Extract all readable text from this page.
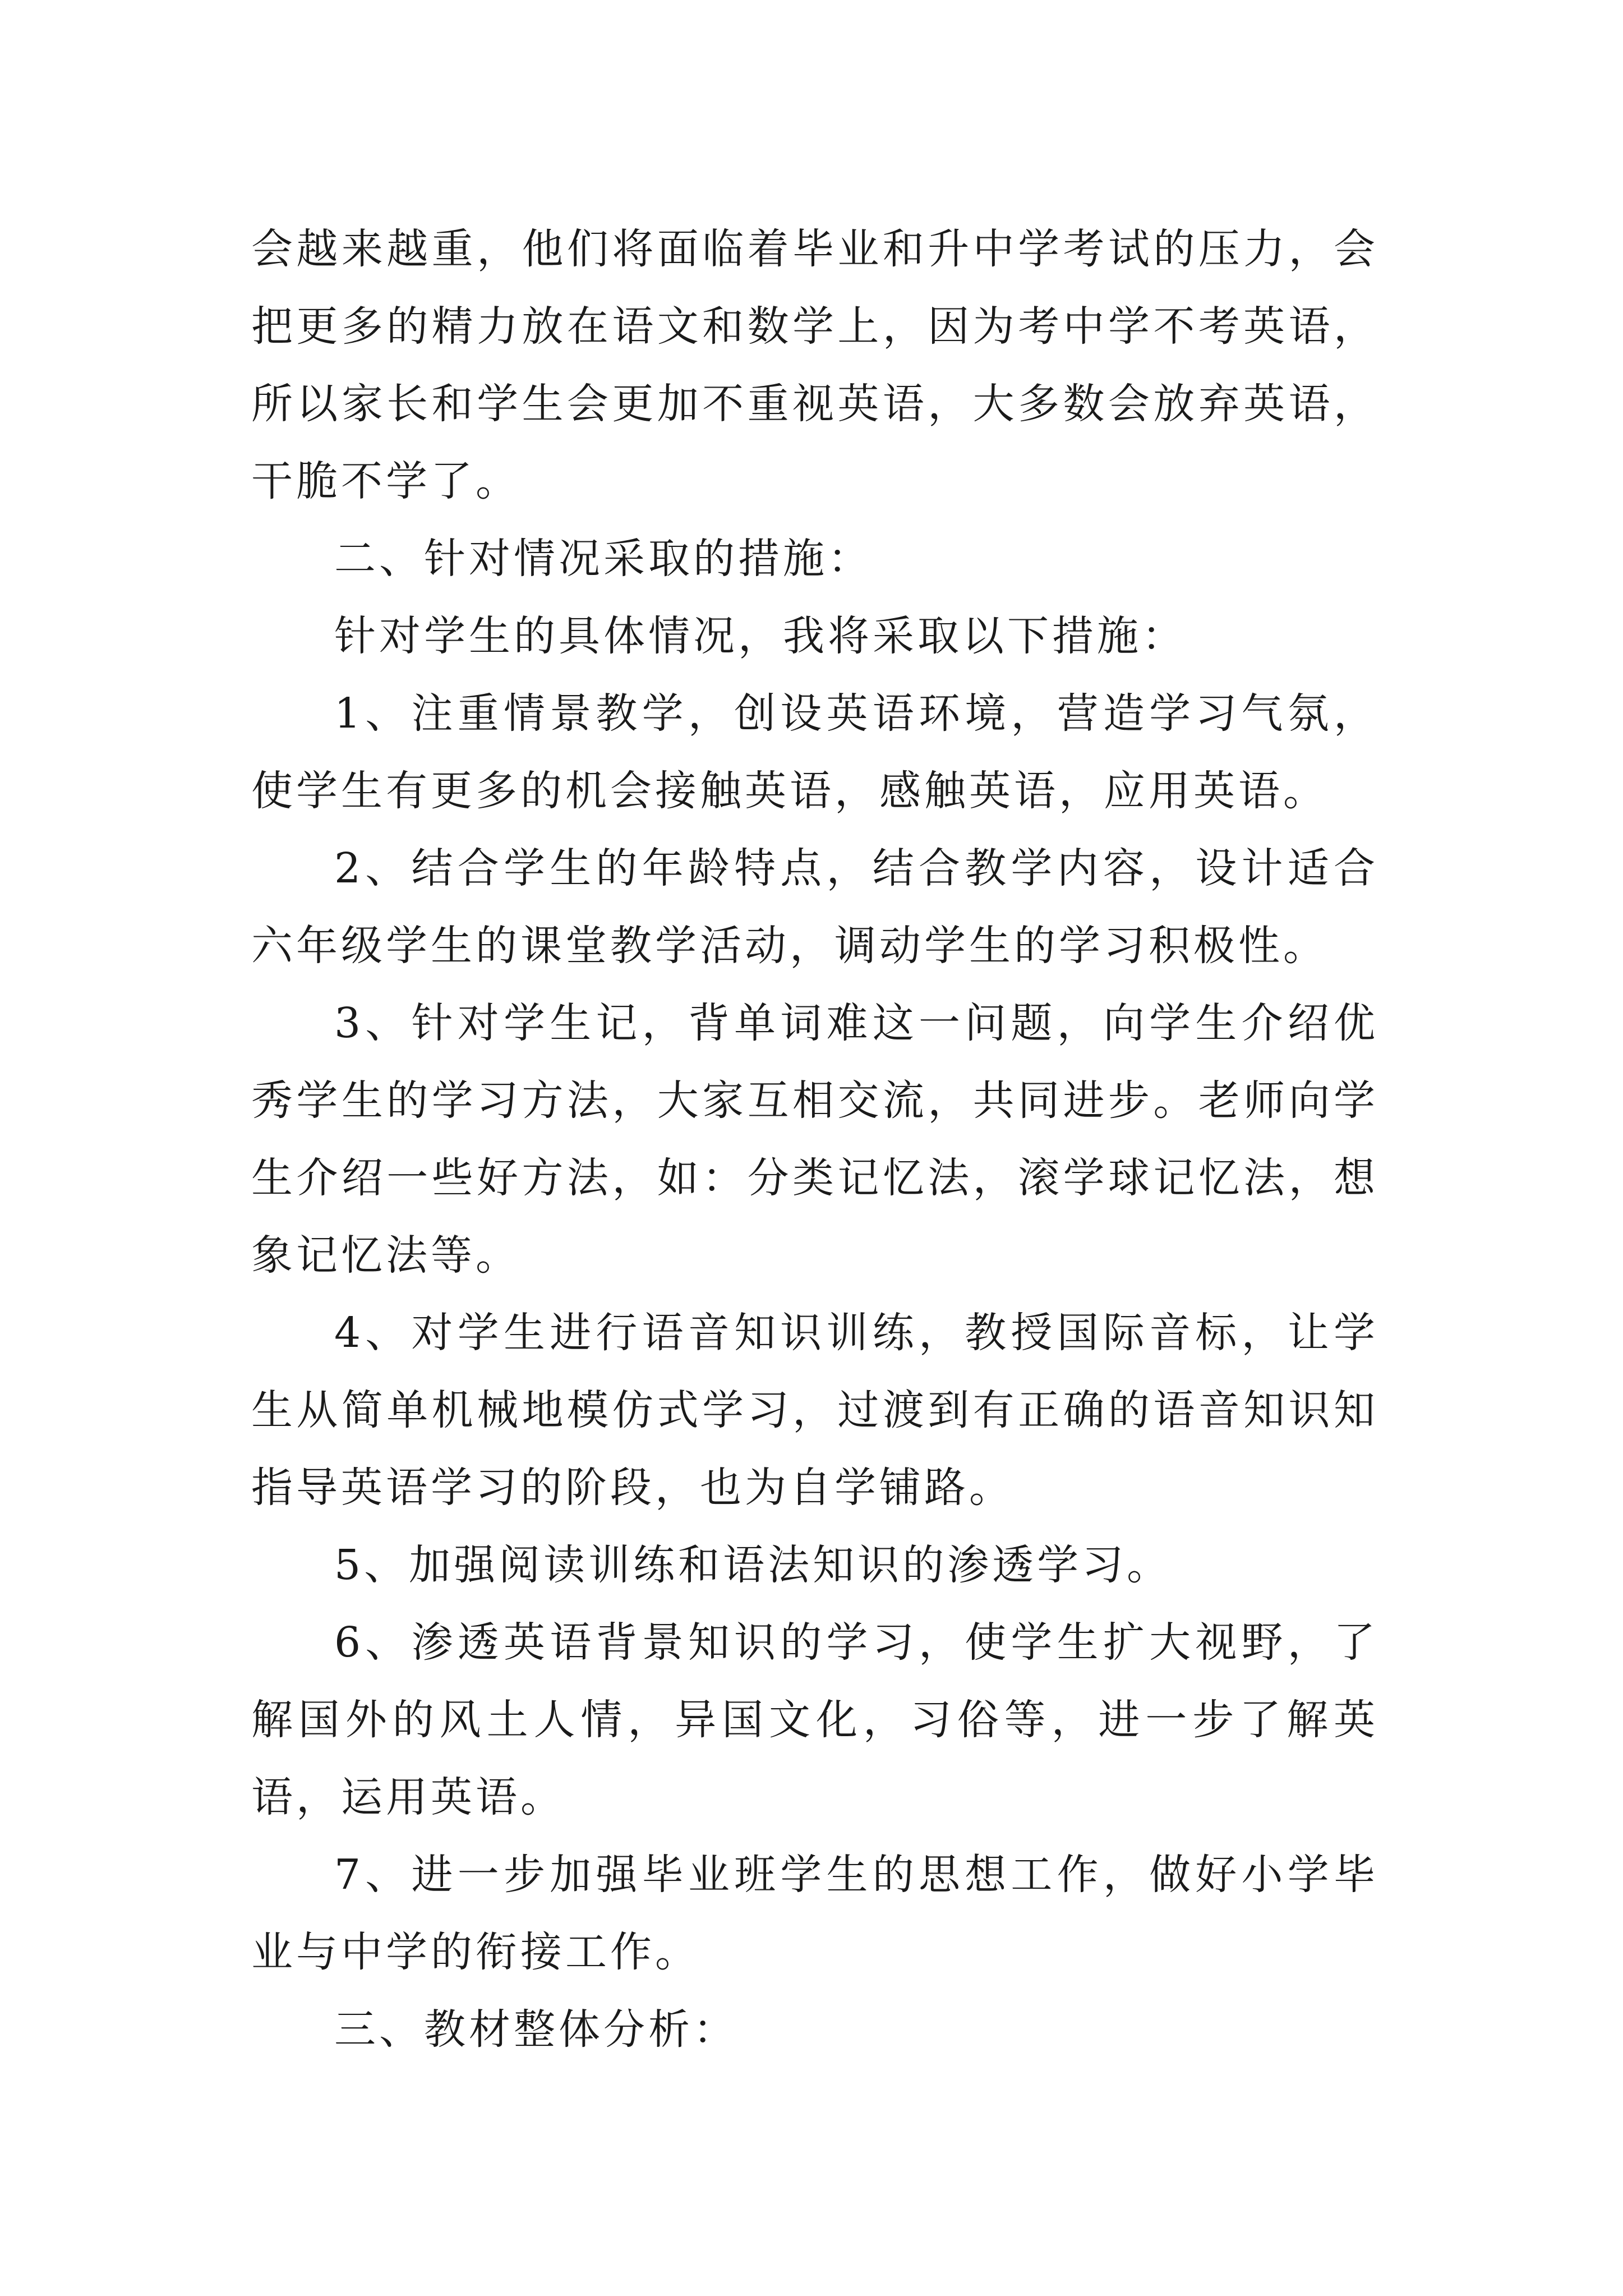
会越来越重，他们将面临着毕业和升中学考试的压力，会把更多的精力放在语文和数学上，因为考中学不考英语，所以家长和学生会更加不重视英语，大多数会放弃英语，干脆不学了。

二、针对情况采取的措施：

针对学生的具体情况，我将采取以下措施：

1、注重情景教学，创设英语环境，营造学习气氛，使学生有更多的机会接触英语，感触英语，应用英语。

2、结合学生的年龄特点，结合教学内容，设计适合六年级学生的课堂教学活动，调动学生的学习积极性。

3、针对学生记，背单词难这一问题，向学生介绍优秀学生的学习方法，大家互相交流，共同进步。老师向学生介绍一些好方法，如：分类记忆法，滚学球记忆法，想象记忆法等。

4、对学生进行语音知识训练，教授国际音标，让学生从简单机械地模仿式学习，过渡到有正确的语音知识知指导英语学习的阶段，也为自学铺路。

5、加强阅读训练和语法知识的渗透学习。

6、渗透英语背景知识的学习，使学生扩大视野，了解国外的风土人情，异国文化，习俗等，进一步了解英语，运用英语。

7、进一步加强毕业班学生的思想工作，做好小学毕业与中学的衔接工作。

三、教材整体分析：
